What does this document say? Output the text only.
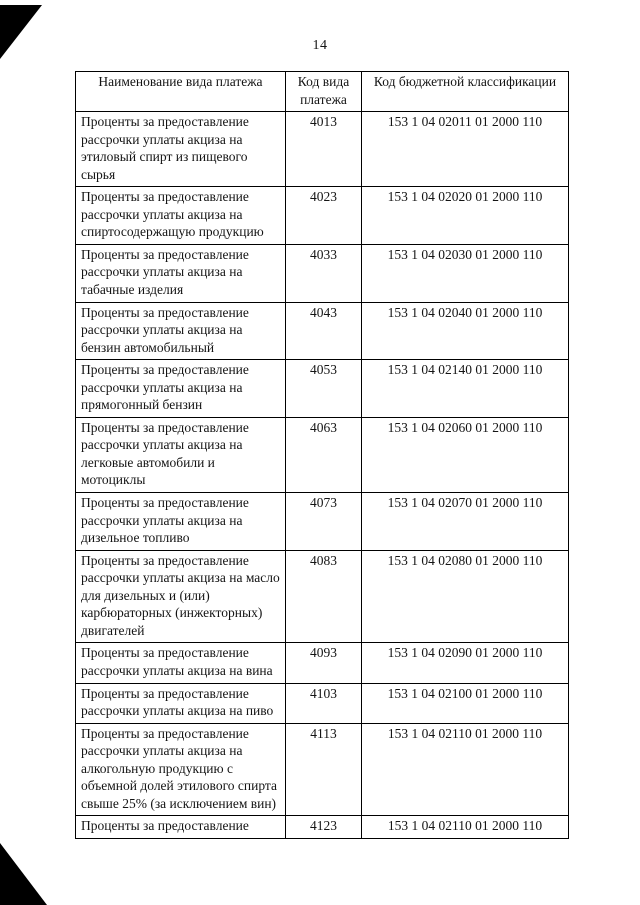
14
Наименование вида платежа	Код вида платежа	Код бюджетной классификации
Проценты за предоставление рассрочки уплаты акциза на этиловый спирт из пищевого сырья	4013	153 1 04 02011 01 2000 110
Проценты за предоставление рассрочки уплаты акциза на спиртосодержащую продукцию	4023	153 1 04 02020 01 2000 110
Проценты за предоставление рассрочки уплаты акциза на табачные изделия	4033	153 1 04 02030 01 2000 110
Проценты за предоставление рассрочки уплаты акциза на бензин автомобильный	4043	153 1 04 02040 01 2000 110
Проценты за предоставление рассрочки уплаты акциза на прямогонный бензин	4053	153 1 04 02140 01 2000 110
Проценты за предоставление рассрочки уплаты акциза на легковые автомобили и мотоциклы	4063	153 1 04 02060 01 2000 110
Проценты за предоставление рассрочки уплаты акциза на дизельное топливо	4073	153 1 04 02070 01 2000 110
Проценты за предоставление рассрочки уплаты акциза на масло для дизельных и (или) карбюраторных (инжекторных) двигателей	4083	153 1 04 02080 01 2000 110
Проценты за предоставление рассрочки уплаты акциза на вина	4093	153 1 04 02090 01 2000 110
Проценты за предоставление рассрочки уплаты акциза на пиво	4103	153 1 04 02100 01 2000 110
Проценты за предоставление рассрочки уплаты акциза на алкогольную продукцию с объемной долей этилового спирта свыше 25% (за исключением вин)	4113	153 1 04 02110 01 2000 110
Проценты за предоставление	4123	153 1 04 02110 01 2000 110
